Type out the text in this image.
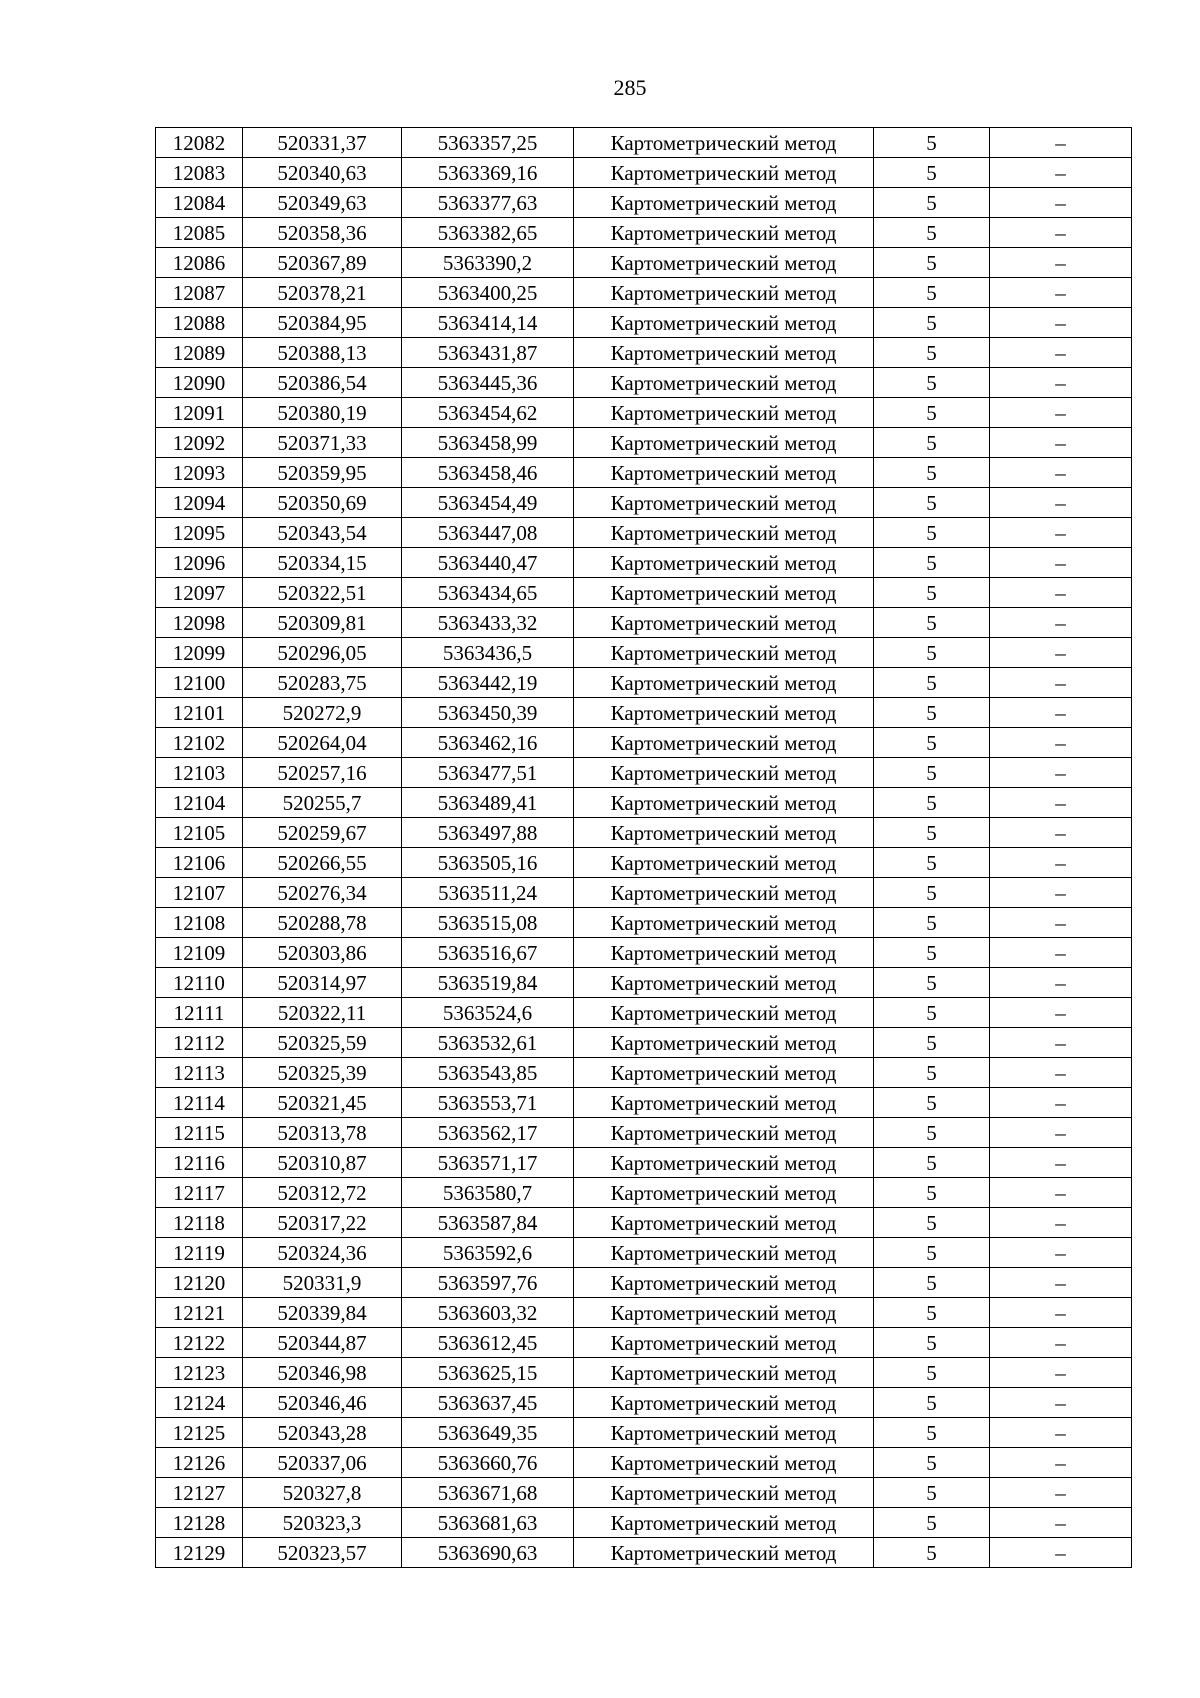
285
12082	520331,37	5363357,25	Картометрический метод	5	–
12083	520340,63	5363369,16	Картометрический метод	5	–
12084	520349,63	5363377,63	Картометрический метод	5	–
12085	520358,36	5363382,65	Картометрический метод	5	–
12086	520367,89	5363390,2	Картометрический метод	5	–
12087	520378,21	5363400,25	Картометрический метод	5	–
12088	520384,95	5363414,14	Картометрический метод	5	–
12089	520388,13	5363431,87	Картометрический метод	5	–
12090	520386,54	5363445,36	Картометрический метод	5	–
12091	520380,19	5363454,62	Картометрический метод	5	–
12092	520371,33	5363458,99	Картометрический метод	5	–
12093	520359,95	5363458,46	Картометрический метод	5	–
12094	520350,69	5363454,49	Картометрический метод	5	–
12095	520343,54	5363447,08	Картометрический метод	5	–
12096	520334,15	5363440,47	Картометрический метод	5	–
12097	520322,51	5363434,65	Картометрический метод	5	–
12098	520309,81	5363433,32	Картометрический метод	5	–
12099	520296,05	5363436,5	Картометрический метод	5	–
12100	520283,75	5363442,19	Картометрический метод	5	–
12101	520272,9	5363450,39	Картометрический метод	5	–
12102	520264,04	5363462,16	Картометрический метод	5	–
12103	520257,16	5363477,51	Картометрический метод	5	–
12104	520255,7	5363489,41	Картометрический метод	5	–
12105	520259,67	5363497,88	Картометрический метод	5	–
12106	520266,55	5363505,16	Картометрический метод	5	–
12107	520276,34	5363511,24	Картометрический метод	5	–
12108	520288,78	5363515,08	Картометрический метод	5	–
12109	520303,86	5363516,67	Картометрический метод	5	–
12110	520314,97	5363519,84	Картометрический метод	5	–
12111	520322,11	5363524,6	Картометрический метод	5	–
12112	520325,59	5363532,61	Картометрический метод	5	–
12113	520325,39	5363543,85	Картометрический метод	5	–
12114	520321,45	5363553,71	Картометрический метод	5	–
12115	520313,78	5363562,17	Картометрический метод	5	–
12116	520310,87	5363571,17	Картометрический метод	5	–
12117	520312,72	5363580,7	Картометрический метод	5	–
12118	520317,22	5363587,84	Картометрический метод	5	–
12119	520324,36	5363592,6	Картометрический метод	5	–
12120	520331,9	5363597,76	Картометрический метод	5	–
12121	520339,84	5363603,32	Картометрический метод	5	–
12122	520344,87	5363612,45	Картометрический метод	5	–
12123	520346,98	5363625,15	Картометрический метод	5	–
12124	520346,46	5363637,45	Картометрический метод	5	–
12125	520343,28	5363649,35	Картометрический метод	5	–
12126	520337,06	5363660,76	Картометрический метод	5	–
12127	520327,8	5363671,68	Картометрический метод	5	–
12128	520323,3	5363681,63	Картометрический метод	5	–
12129	520323,57	5363690,63	Картометрический метод	5	–
